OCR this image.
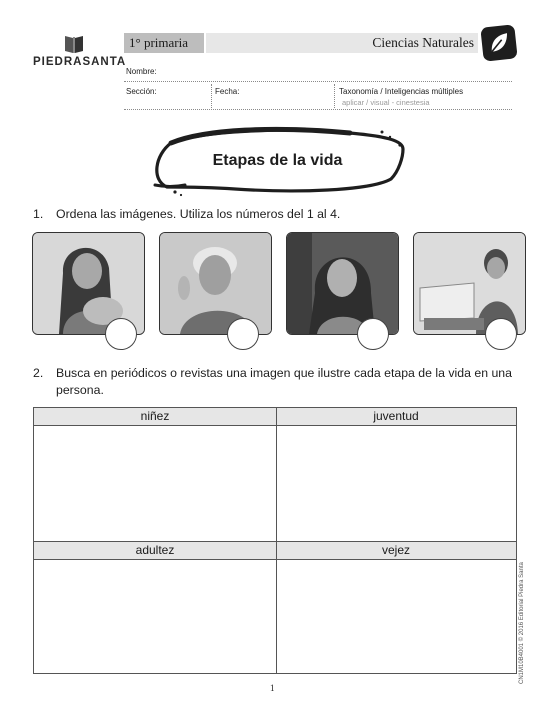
PIEDRASANTA
1° primaria	Ciencias Naturales
Nombre:
Sección:	Fecha:	Taxonomía / Inteligencias múltiples
aplicar / visual - cinestesia
Etapas de la vida
1. Ordena las imágenes. Utiliza los números del 1 al 4.
2. Busca en periódicos o revistas una imagen que ilustre cada etapa de la vida en una
persona.
niñez	juventud
adultez	vejez
CN1M10B4001 © 2016 Editorial Piedra Santa
1
